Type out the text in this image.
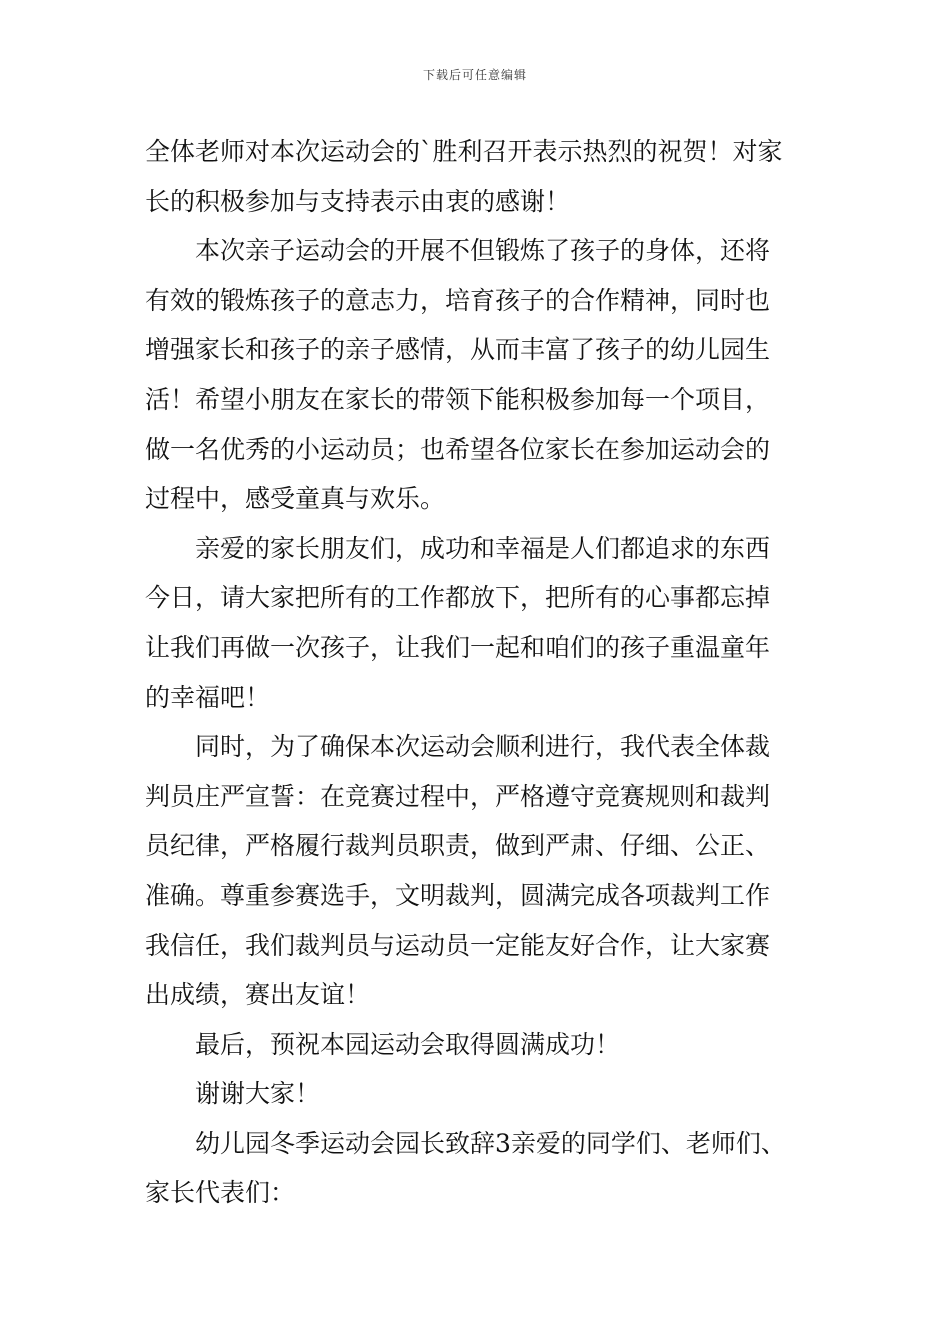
下载后可任意编辑
全体老师对本次运动会的`胜利召开表示热烈的祝贺！对家
长的积极参加与支持表示由衷的感谢！
本次亲子运动会的开展不但锻炼了孩子的身体，还将
有效的锻炼孩子的意志力，培育孩子的合作精神，同时也
增强家长和孩子的亲子感情，从而丰富了孩子的幼儿园生
活！希望小朋友在家长的带领下能积极参加每一个项目，
做一名优秀的小运动员；也希望各位家长在参加运动会的
过程中，感受童真与欢乐。
亲爱的家长朋友们，成功和幸福是人们都追求的东西
今日，请大家把所有的工作都放下，把所有的心事都忘掉
让我们再做一次孩子，让我们一起和咱们的孩子重温童年
的幸福吧！
同时，为了确保本次运动会顺利进行，我代表全体裁
判员庄严宣誓：在竞赛过程中，严格遵守竞赛规则和裁判
员纪律，严格履行裁判员职责，做到严肃、仔细、公正、
准确。尊重参赛选手，文明裁判，圆满完成各项裁判工作
我信任，我们裁判员与运动员一定能友好合作，让大家赛
出成绩，赛出友谊！
最后，预祝本园运动会取得圆满成功！
谢谢大家！
幼儿园冬季运动会园长致辞3亲爱的同学们、老师们、
家长代表们：
